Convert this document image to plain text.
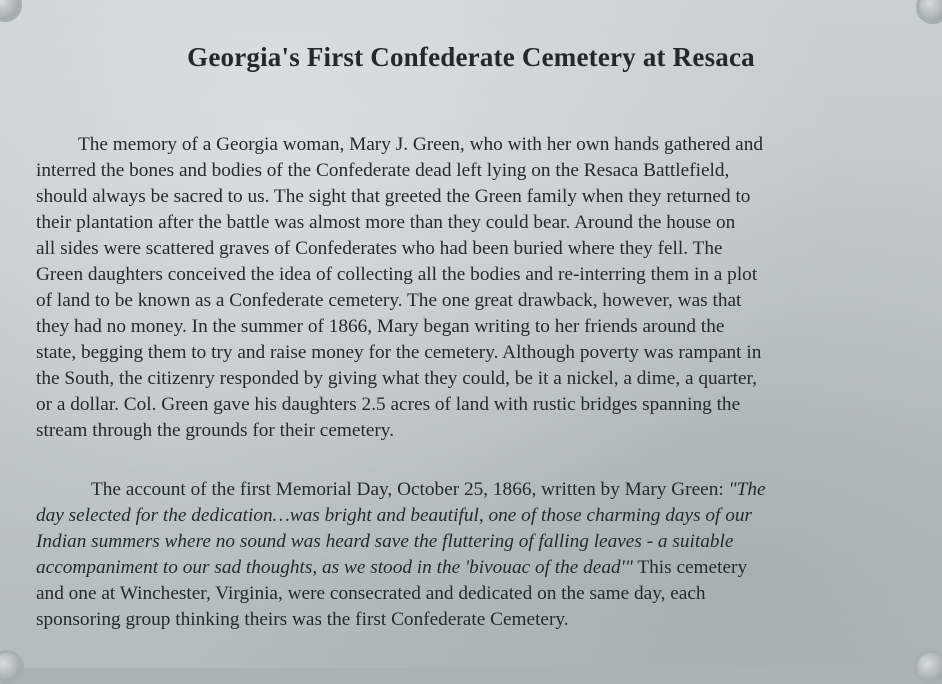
Georgia's First Confederate Cemetery at Resaca
The memory of a Georgia woman, Mary J. Green, who with her own hands gathered and
interred the bones and bodies of the Confederate dead left lying on the Resaca Battlefield,
should always be sacred to us. The sight that greeted the Green family when they returned to
their plantation after the battle was almost more than they could bear. Around the house on
all sides were scattered graves of Confederates who had been buried where they fell. The
Green daughters conceived the idea of collecting all the bodies and re-interring them in a plot
of land to be known as a Confederate cemetery. The one great drawback, however, was that
they had no money. In the summer of 1866, Mary began writing to her friends around the
state, begging them to try and raise money for the cemetery. Although poverty was rampant in
the South, the citizenry responded by giving what they could, be it a nickel, a dime, a quarter,
or a dollar. Col. Green gave his daughters 2.5 acres of land with rustic bridges spanning the
stream through the grounds for their cemetery.
The account of the first Memorial Day, October 25, 1866, written by Mary Green: "The
day selected for the dedication…was bright and beautiful, one of those charming days of our
Indian summers where no sound was heard save the fluttering of falling leaves - a suitable
accompaniment to our sad thoughts, as we stood in the 'bivouac of the dead'" This cemetery
and one at Winchester, Virginia, were consecrated and dedicated on the same day, each
sponsoring group thinking theirs was the first Confederate Cemetery.
